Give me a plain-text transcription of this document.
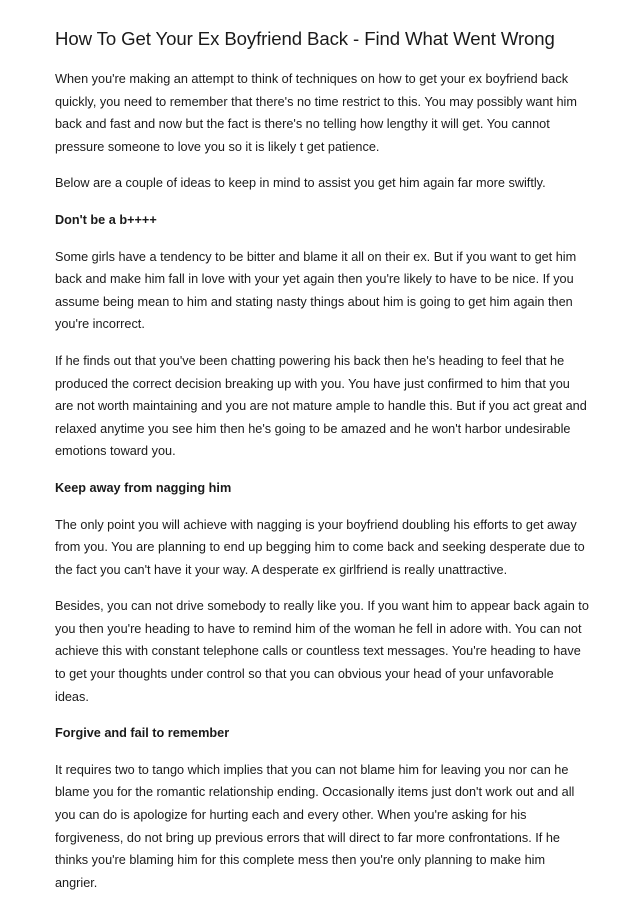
How To Get Your Ex Boyfriend Back - Find What Went Wrong

When you're making an attempt to think of techniques on how to get your ex boyfriend back quickly, you need to remember that there's no time restrict to this. You may possibly want him back and fast and now but the fact is there's no telling how lengthy it will get. You cannot pressure someone to love you so it is likely t get patience.

Below are a couple of ideas to keep in mind to assist you get him again far more swiftly.

Don't be a b++++

Some girls have a tendency to be bitter and blame it all on their ex. But if you want to get him back and make him fall in love with your yet again then you're likely to have to be nice. If you assume being mean to him and stating nasty things about him is going to get him again then you're incorrect.

If he finds out that you've been chatting powering his back then he's heading to feel that he produced the correct decision breaking up with you. You have just confirmed to him that you are not worth maintaining and you are not mature ample to handle this. But if you act great and relaxed anytime you see him then he's going to be amazed and he won't harbor undesirable emotions toward you.

Keep away from nagging him

The only point you will achieve with nagging is your boyfriend doubling his efforts to get away from you. You are planning to end up begging him to come back and seeking desperate due to the fact you can't have it your way. A desperate ex girlfriend is really unattractive.

Besides, you can not drive somebody to really like you. If you want him to appear back again to you then you're heading to have to remind him of the woman he fell in adore with. You can not achieve this with constant telephone calls or countless text messages. You're heading to have to get your thoughts under control so that you can obvious your head of your unfavorable ideas.

Forgive and fail to remember

It requires two to tango which implies that you can not blame him for leaving you nor can he blame you for the romantic relationship ending. Occasionally items just don't work out and all you can do is apologize for hurting each and every other. When you're asking for his forgiveness, do not bring up previous errors that will direct to far more confrontations. If he thinks you're blaming him for this complete mess then you're only planning to make him angrier.
